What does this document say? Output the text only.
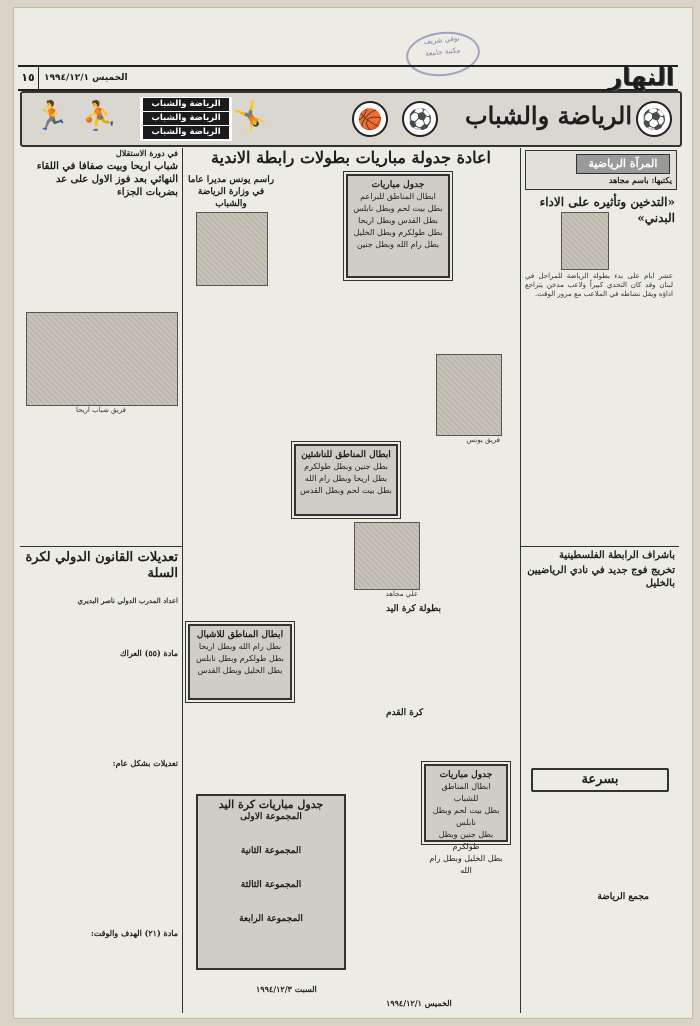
بوفي شريف
مكتبة جامعة
١٥	الخميس ١٩٩٤/١٢/١	النهار
الرياضة والشباب ⚽
⚽
🏀
🤸
⛹
🏃	الرياضة والشباب
الرياضة والشباب
الرياضة والشباب
المرآة الرياضية
يكتبها: باسم مجاهد
«التدخين وتأثيره على الاداء البدني»
عشر ايام على بدء بطولة الرياضة للمراحل في لبنان وقد كان التحدي كبيراً ولاعب مدخن يتراجع اداؤه ويقل نشاطه في الملاعب مع مرور الوقت.
باشراف الرابطة الفلسطينية
تخريج فوج جديد في نادي الرياضيين بالخليل
بسرعة
مجمع الرياضة
اعادة جدولة مباريات بطولات رابطة الاندية
راسم يونس مديرا عاما في وزارة الرياضة والشباب
جدول مباريات
ابطال المناطق للبراعم
بطل بيت لحم وبطل نابلس
بطل القدس وبطل اريحا
بطل طولكرم وبطل الخليل
بطل رام الله وبطل جنين
ابطال المناطق للناشئين
بطل جنين وبطل طولكرم
بطل اريحا وبطل رام الله
بطل بيت لحم وبطل القدس
ابطال المناطق للاشبال
بطل رام الله وبطل اريحا
بطل طولكرم وبطل نابلس
بطل الخليل وبطل القدس
جدول مباريات
ابطال المناطق للشباب
بطل بيت لحم وبطل نابلس
بطل جنين وبطل طولكرم
بطل الخليل وبطل رام الله
فريق يونس
علي مجاهد
جدول مباريات كرة اليد
المجموعة الاولى
المجموعة الثانية
المجموعة الثالثة
المجموعة الرابعة
بطولة كرة اليد
كرة القدم
الخميس ١٩٩٤/١٢/١
السبت ١٩٩٤/١٢/٣
في دورة الاستقلال
شباب اريحا وبيت صفافا في اللقاء النهائي بعد فوز الاول على عد بضربات الجزاء
فريق شباب اريحا
تعديلات القانون الدولي لكرة السلة
اعداد المدرب الدولي ناصر البديري
مادة (٥٥) العراك
تعديلات بشكل عام:
مادة (٢١) الهدف والوقت:
